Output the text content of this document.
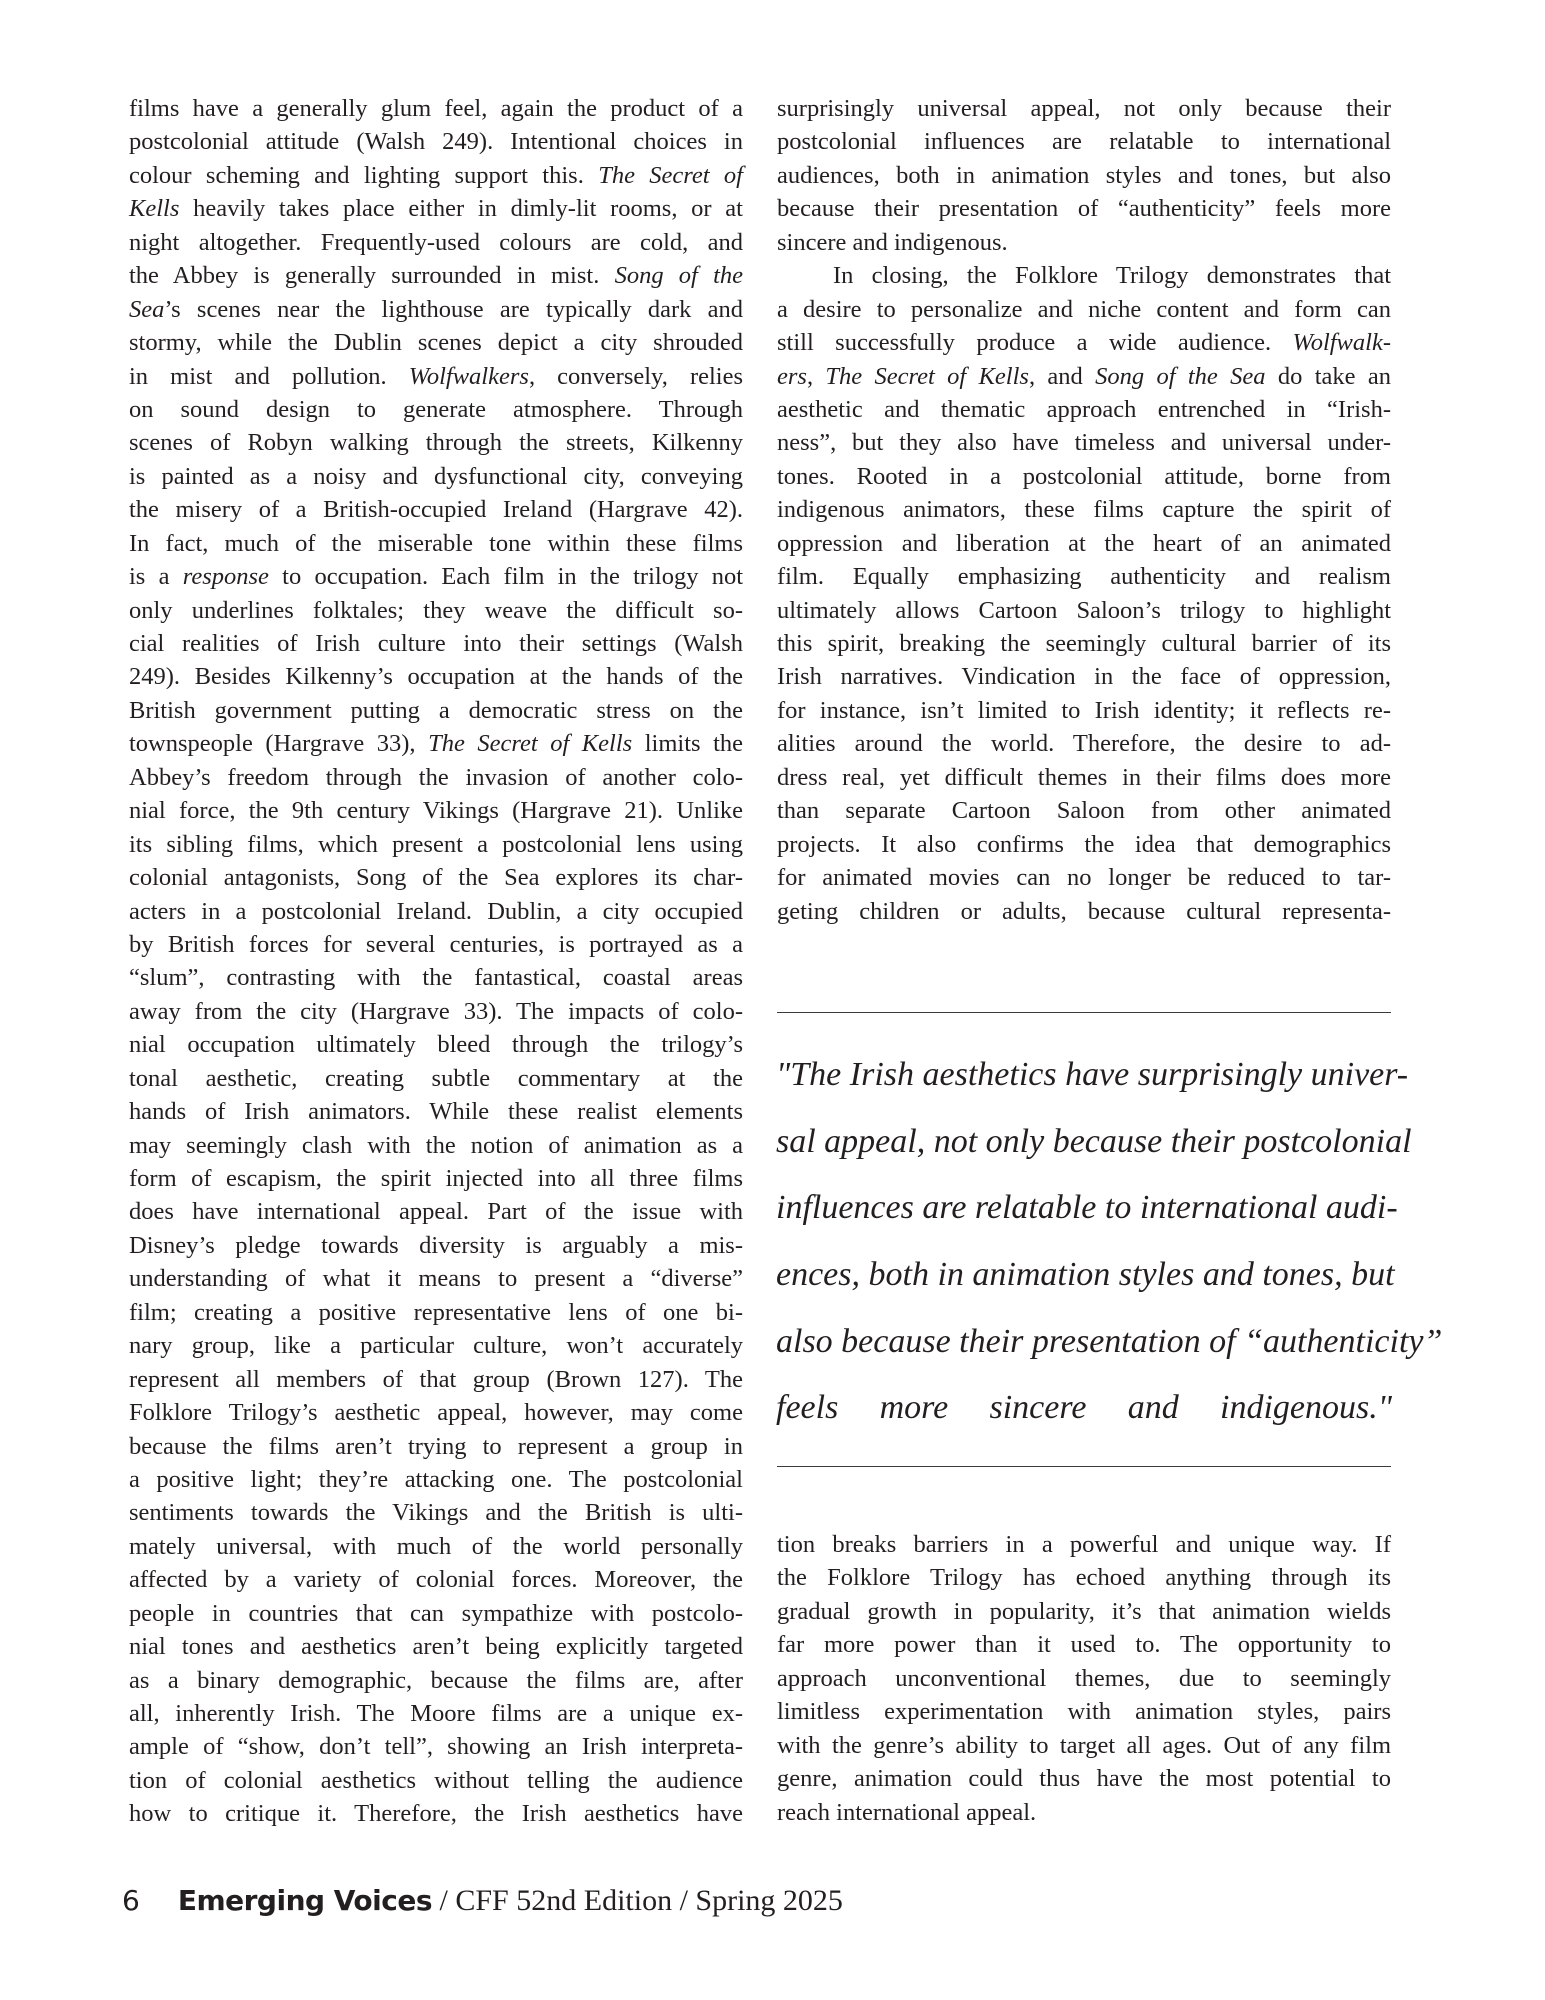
films have a generally glum feel, again the product of a
postcolonial attitude (Walsh 249). Intentional choices in
colour scheming and lighting support this. The Secret of
Kells heavily takes place either in dimly-lit rooms, or at
night altogether. Frequently-used colours are cold, and
the Abbey is generally surrounded in mist. Song of the
Sea’s scenes near the lighthouse are typically dark and
stormy, while the Dublin scenes depict a city shrouded
in mist and pollution. Wolfwalkers, conversely, relies
on sound design to generate atmosphere. Through
scenes of Robyn walking through the streets, Kilkenny
is painted as a noisy and dysfunctional city, conveying
the misery of a British-occupied Ireland (Hargrave 42).
In fact, much of the miserable tone within these films
is a response to occupation. Each film in the trilogy not
only underlines folktales; they weave the difficult so-
cial realities of Irish culture into their settings (Walsh
249). Besides Kilkenny’s occupation at the hands of the
British government putting a democratic stress on the
townspeople (Hargrave 33), The Secret of Kells limits the
Abbey’s freedom through the invasion of another colo-
nial force, the 9th century Vikings (Hargrave 21). Unlike
its sibling films, which present a postcolonial lens using
colonial antagonists, Song of the Sea explores its char-
acters in a postcolonial Ireland. Dublin, a city occupied
by British forces for several centuries, is portrayed as a
“slum”, contrasting with the fantastical, coastal areas
away from the city (Hargrave 33). The impacts of colo-
nial occupation ultimately bleed through the trilogy’s
tonal aesthetic, creating subtle commentary at the
hands of Irish animators. While these realist elements
may seemingly clash with the notion of animation as a
form of escapism, the spirit injected into all three films
does have international appeal. Part of the issue with
Disney’s pledge towards diversity is arguably a mis-
understanding of what it means to present a “diverse”
film; creating a positive representative lens of one bi-
nary group, like a particular culture, won’t accurately
represent all members of that group (Brown 127). The
Folklore Trilogy’s aesthetic appeal, however, may come
because the films aren’t trying to represent a group in
a positive light; they’re attacking one. The postcolonial
sentiments towards the Vikings and the British is ulti-
mately universal, with much of the world personally
affected by a variety of colonial forces. Moreover, the
people in countries that can sympathize with postcolo-
nial tones and aesthetics aren’t being explicitly targeted
as a binary demographic, because the films are, after
all, inherently Irish. The Moore films are a unique ex-
ample of “show, don’t tell”, showing an Irish interpreta-
tion of colonial aesthetics without telling the audience
how to critique it. Therefore, the Irish aesthetics have
surprisingly universal appeal, not only because their
postcolonial influences are relatable to international
audiences, both in animation styles and tones, but also
because their presentation of “authenticity” feels more
sincere and indigenous.
In closing, the Folklore Trilogy demonstrates that
a desire to personalize and niche content and form can
still successfully produce a wide audience. Wolfwalk-
ers, The Secret of Kells, and Song of the Sea do take an
aesthetic and thematic approach entrenched in “Irish-
ness”, but they also have timeless and universal under-
tones. Rooted in a postcolonial attitude, borne from
indigenous animators, these films capture the spirit of
oppression and liberation at the heart of an animated
film. Equally emphasizing authenticity and realism
ultimately allows Cartoon Saloon’s trilogy to highlight
this spirit, breaking the seemingly cultural barrier of its
Irish narratives. Vindication in the face of oppression,
for instance, isn’t limited to Irish identity; it reflects re-
alities around the world. Therefore, the desire to ad-
dress real, yet difficult themes in their films does more
than separate Cartoon Saloon from other animated
projects. It also confirms the idea that demographics
for animated movies can no longer be reduced to tar-
geting children or adults, because cultural representa-
"The Irish aesthetics have surprisingly univer-
sal appeal, not only because their postcolonial
influences are relatable to international audi-
ences, both in animation styles and tones, but
also because their presentation of “authenticity”
feels more sincere and indigenous."
tion breaks barriers in a powerful and unique way. If
the Folklore Trilogy has echoed anything through its
gradual growth in popularity, it’s that animation wields
far more power than it used to. The opportunity to
approach unconventional themes, due to seemingly
limitless experimentation with animation styles, pairs
with the genre’s ability to target all ages. Out of any film
genre, animation could thus have the most potential to
reach international appeal.
6 Emerging Voices / CFF 52nd Edition / Spring 2025
